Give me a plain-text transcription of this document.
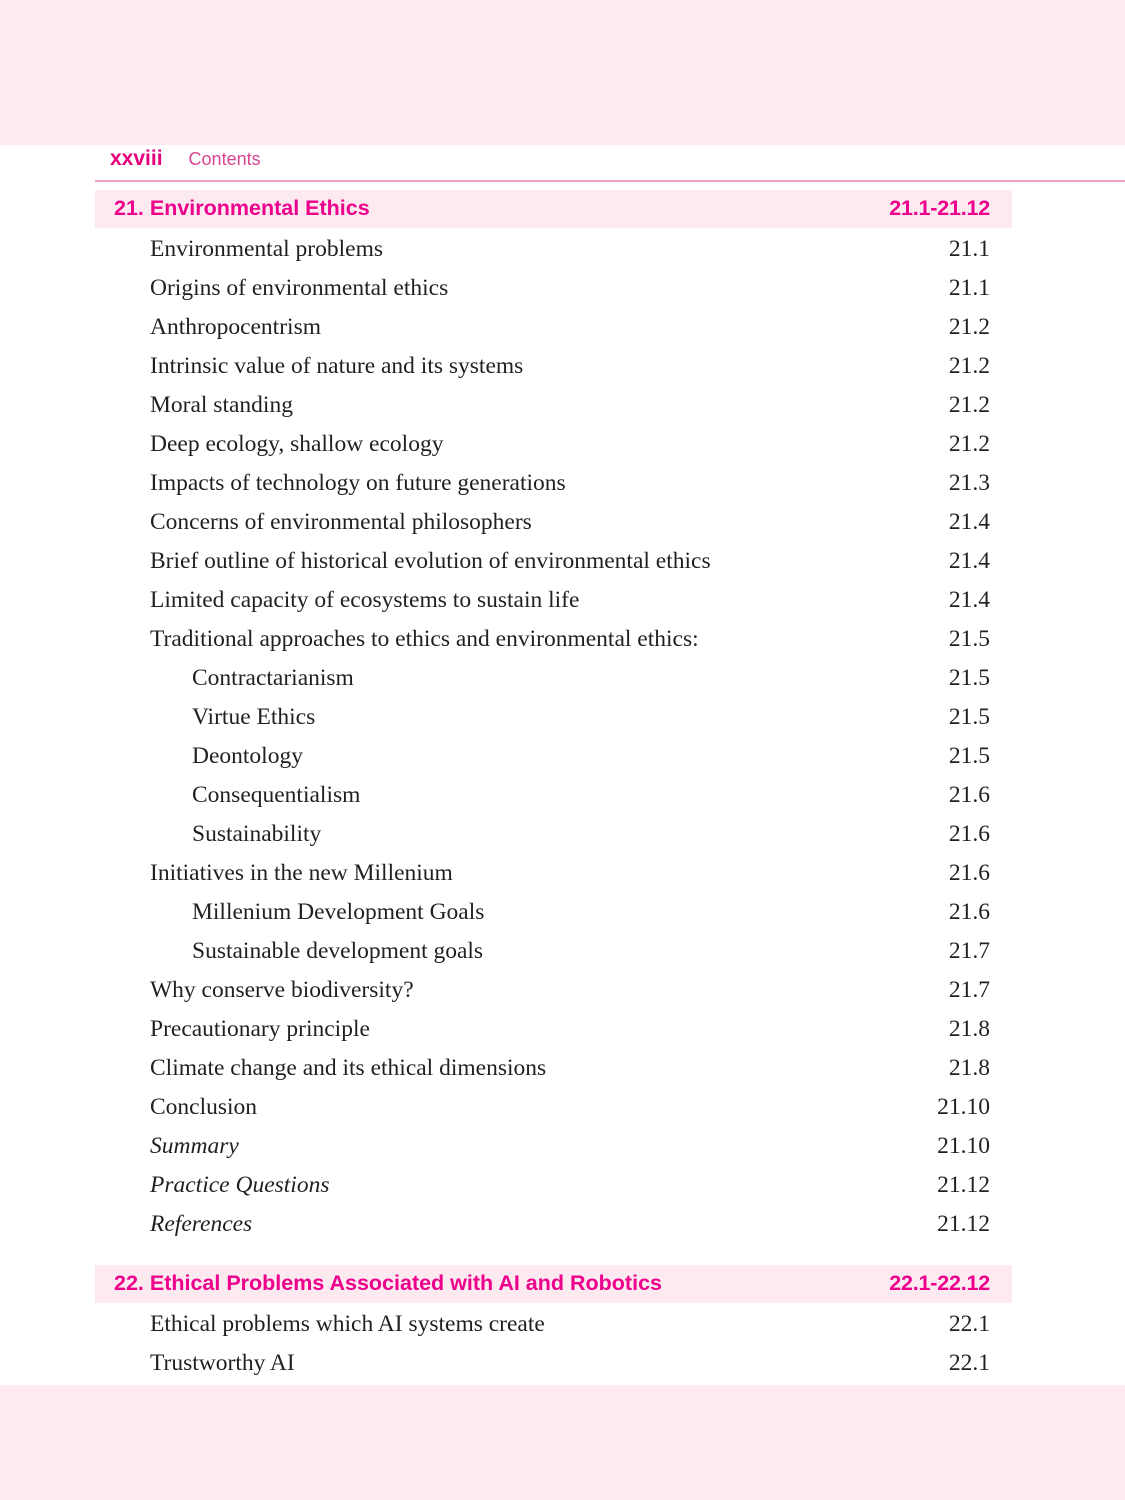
xxviii Contents
21. Environmental Ethics	21.1-21.12
Environmental problems	21.1
Origins of environmental ethics	21.1
Anthropocentrism	21.2
Intrinsic value of nature and its systems	21.2
Moral standing	21.2
Deep ecology, shallow ecology	21.2
Impacts of technology on future generations	21.3
Concerns of environmental philosophers	21.4
Brief outline of historical evolution of environmental ethics	21.4
Limited capacity of ecosystems to sustain life	21.4
Traditional approaches to ethics and environmental ethics:	21.5
Contractarianism	21.5
Virtue Ethics	21.5
Deontology	21.5
Consequentialism	21.6
Sustainability	21.6
Initiatives in the new Millenium	21.6
Millenium Development Goals	21.6
Sustainable development goals	21.7
Why conserve biodiversity?	21.7
Precautionary principle	21.8
Climate change and its ethical dimensions	21.8
Conclusion	21.10
Summary	21.10
Practice Questions	21.12
References	21.12
22. Ethical Problems Associated with AI and Robotics	22.1-22.12
Ethical problems which AI systems create	22.1
Trustworthy AI	22.1
